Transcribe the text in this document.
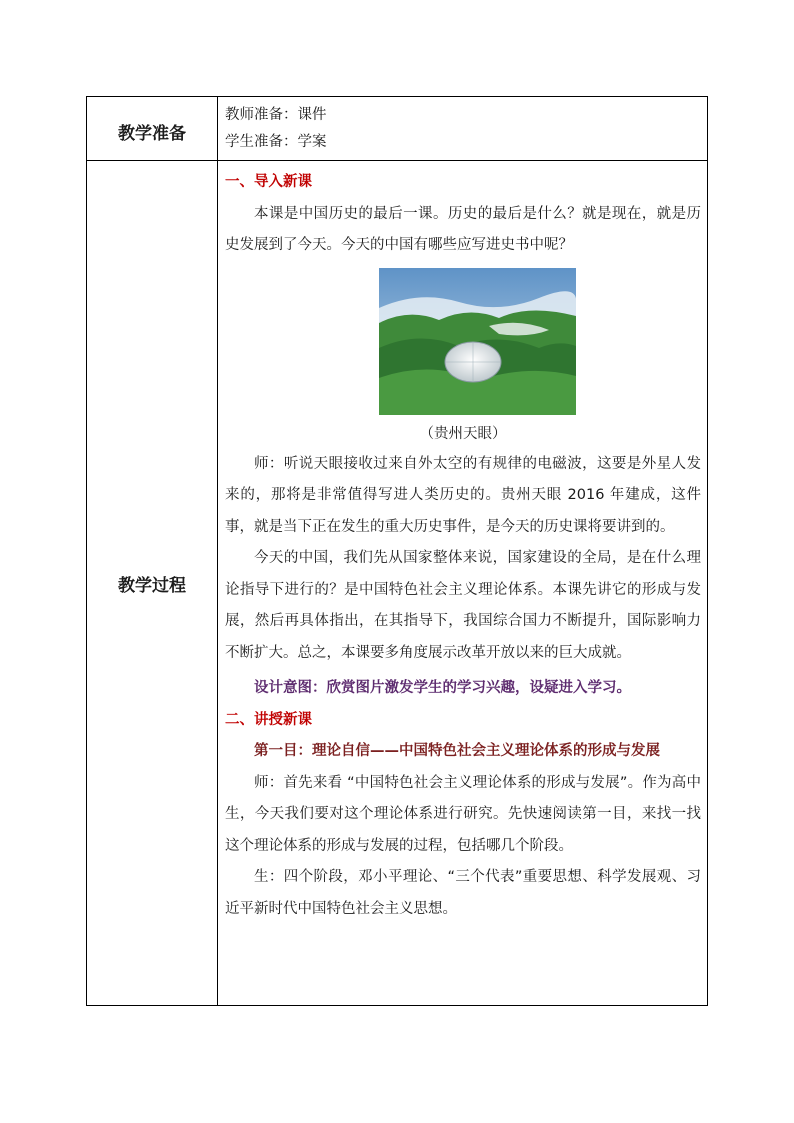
教学准备
教师准备：课件
学生准备：学案
教学过程

一、导入新课

本课是中国历史的最后一课。历史的最后是什么？就是现在，就是历史发展到了今天。今天的中国有哪些应写进史书中呢？

（贵州天眼）

师：听说天眼接收过来自外太空的有规律的电磁波，这要是外星人发来的，那将是非常值得写进人类历史的。贵州天眼 2016 年建成，这件事，就是当下正在发生的重大历史事件，是今天的历史课将要讲到的。

今天的中国，我们先从国家整体来说，国家建设的全局，是在什么理论指导下进行的？是中国特色社会主义理论体系。本课先讲它的形成与发展，然后再具体指出，在其指导下，我国综合国力不断提升，国际影响力不断扩大。总之，本课要多角度展示改革开放以来的巨大成就。

设计意图：欣赏图片激发学生的学习兴趣，设疑进入学习。

二、讲授新课

第一目：理论自信——中国特色社会主义理论体系的形成与发展

师：首先来看 “中国特色社会主义理论体系的形成与发展”。作为高中生，今天我们要对这个理论体系进行研究。先快速阅读第一目，来找一找这个理论体系的形成与发展的过程，包括哪几个阶段。

生：四个阶段，邓小平理论、“三个代表”重要思想、科学发展观、习近平新时代中国特色社会主义思想。
